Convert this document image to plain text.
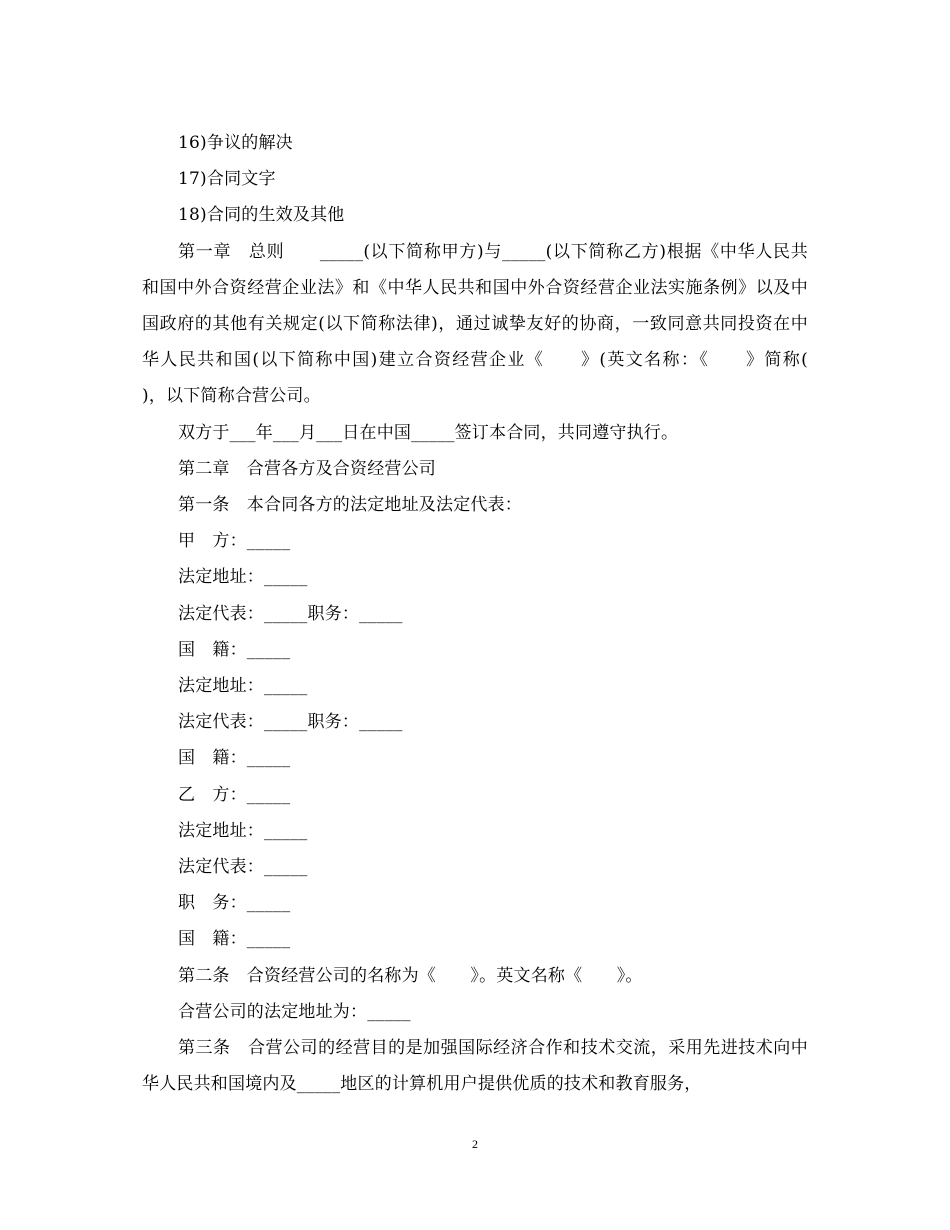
16)争议的解决

17)合同文字

18)合同的生效及其他

第一章　总则　　_____(以下简称甲方)与_____(以下简称乙方)根据《中华人民共和国中外合资经营企业法》和《中华人民共和国中外合资经营企业法实施条例》以及中国政府的其他有关规定(以下简称法律)，通过诚挚友好的协商，一致同意共同投资在中华人民共和国(以下简称中国)建立合资经营企业《　　》(英文名称：《　　》简称(　　)，以下简称合营公司。

双方于___年___月___日在中国_____签订本合同，共同遵守执行。

第二章　合营各方及合资经营公司

第一条　本合同各方的法定地址及法定代表：

甲　方：_____

法定地址：_____

法定代表：_____职务：_____

国　籍：_____

法定地址：_____

法定代表：_____职务：_____

国　籍：_____

乙　方：_____

法定地址：_____

法定代表：_____

职　务：_____

国　籍：_____

第二条　合资经营公司的名称为《　　》。英文名称《　　》。

合营公司的法定地址为：_____

第三条　合营公司的经营目的是加强国际经济合作和技术交流，采用先进技术向中华人民共和国境内及_____地区的计算机用户提供优质的技术和教育服务，

2
